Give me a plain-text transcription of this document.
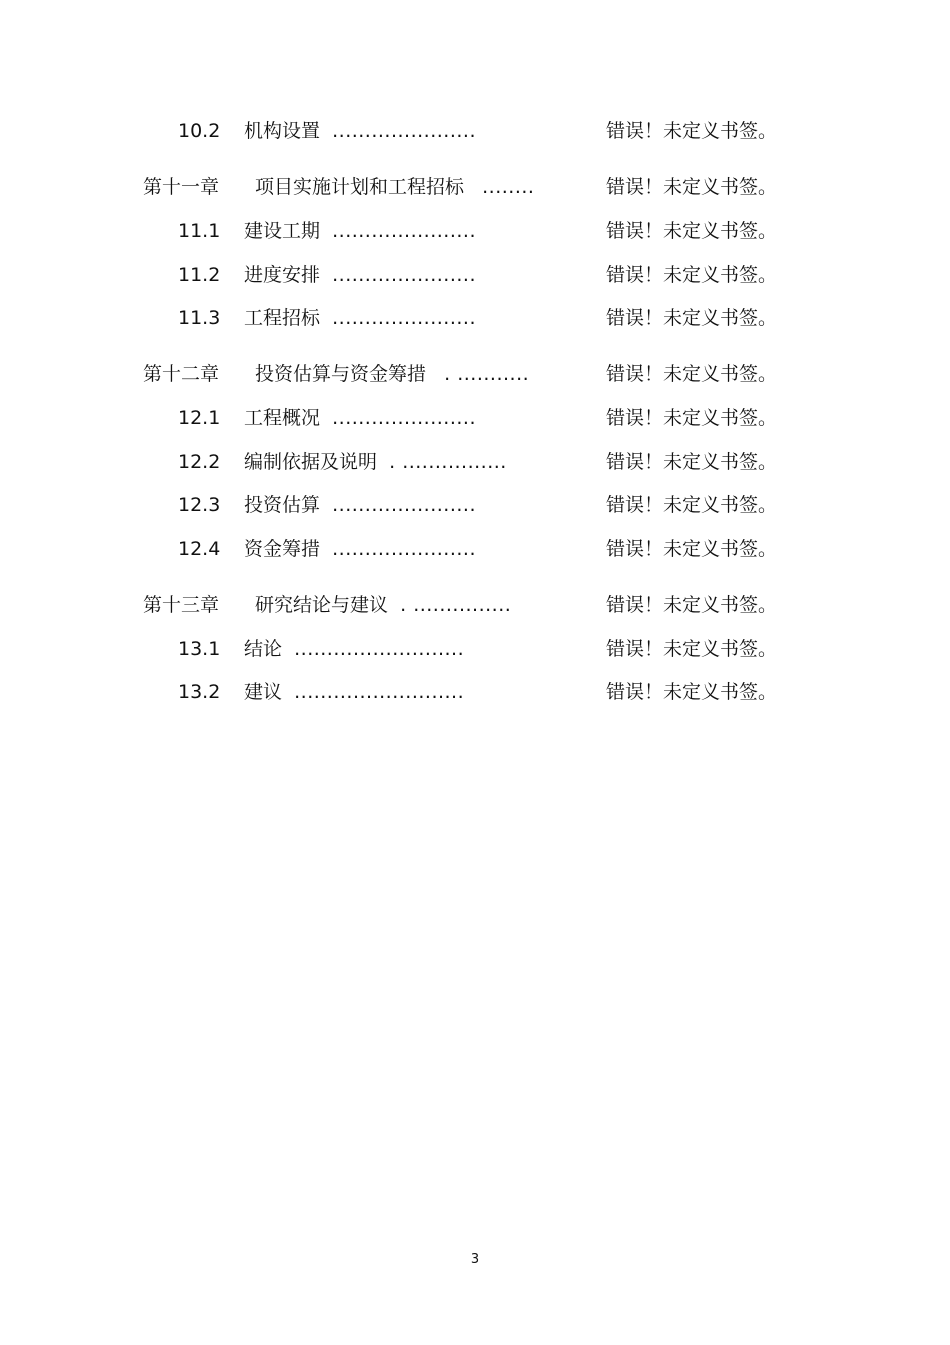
10.2 机构设置 ......................	错误！未定义书签。
第十一章 项目实施计划和工程招标 ........	错误！未定义书签。
11.1 建设工期 ......................	错误！未定义书签。
11.2 进度安排 ......................	错误！未定义书签。
11.3 工程招标 ......................	错误！未定义书签。
第十二章 投资估算与资金筹措 . ...........	错误！未定义书签。
12.1 工程概况 ......................	错误！未定义书签。
12.2 编制依据及说明 . ................	错误！未定义书签。
12.3 投资估算 ......................	错误！未定义书签。
12.4 资金筹措 ......................	错误！未定义书签。
第十三章 研究结论与建议 . ...............	错误！未定义书签。
13.1 结论 ..........................	错误！未定义书签。
13.2 建议 ..........................	错误！未定义书签。
3
